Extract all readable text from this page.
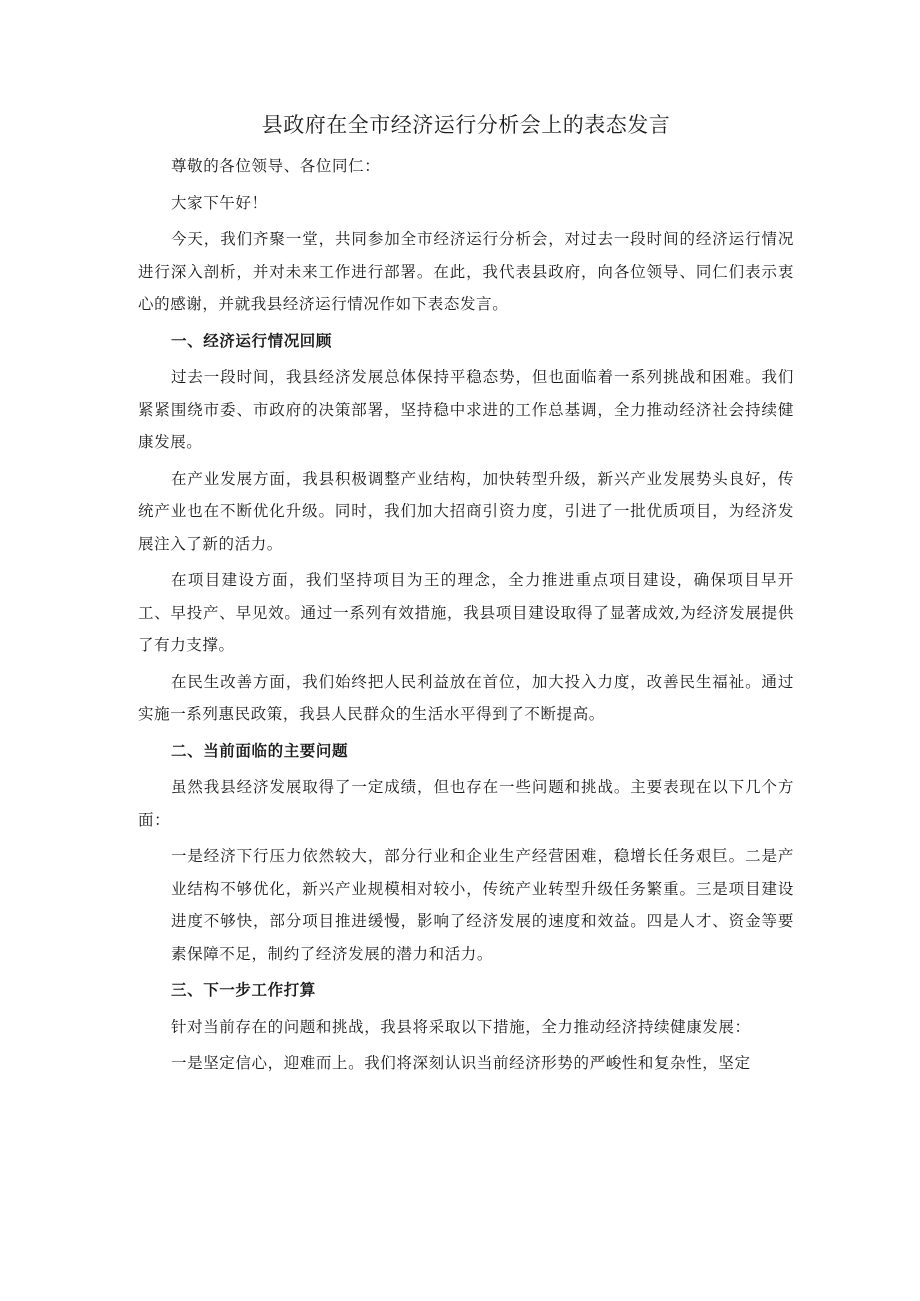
县政府在全市经济运行分析会上的表态发言

尊敬的各位领导、各位同仁：

大家下午好！

今天，我们齐聚一堂，共同参加全市经济运行分析会，对过去一段时间的经济运行情况进行深入剖析，并对未来工作进行部署。在此，我代表县政府，向各位领导、同仁们表示衷心的感谢，并就我县经济运行情况作如下表态发言。

一、经济运行情况回顾

过去一段时间，我县经济发展总体保持平稳态势，但也面临着一系列挑战和困难。我们紧紧围绕市委、市政府的决策部署，坚持稳中求进的工作总基调，全力推动经济社会持续健康发展。

在产业发展方面，我县积极调整产业结构，加快转型升级，新兴产业发展势头良好，传统产业也在不断优化升级。同时，我们加大招商引资力度，引进了一批优质项目，为经济发展注入了新的活力。

在项目建设方面，我们坚持项目为王的理念，全力推进重点项目建设，确保项目早开工、早投产、早见效。通过一系列有效措施，我县项目建设取得了显著成效,为经济发展提供了有力支撑。

在民生改善方面，我们始终把人民利益放在首位，加大投入力度，改善民生福祉。通过实施一系列惠民政策，我县人民群众的生活水平得到了不断提高。

二、当前面临的主要问题

虽然我县经济发展取得了一定成绩，但也存在一些问题和挑战。主要表现在以下几个方面：

一是经济下行压力依然较大，部分行业和企业生产经营困难，稳增长任务艰巨。二是产业结构不够优化，新兴产业规模相对较小，传统产业转型升级任务繁重。三是项目建设进度不够快，部分项目推进缓慢，影响了经济发展的速度和效益。四是人才、资金等要素保障不足，制约了经济发展的潜力和活力。

三、下一步工作打算

针对当前存在的问题和挑战，我县将采取以下措施，全力推动经济持续健康发展：

一是坚定信心，迎难而上。我们将深刻认识当前经济形势的严峻性和复杂性，坚定
